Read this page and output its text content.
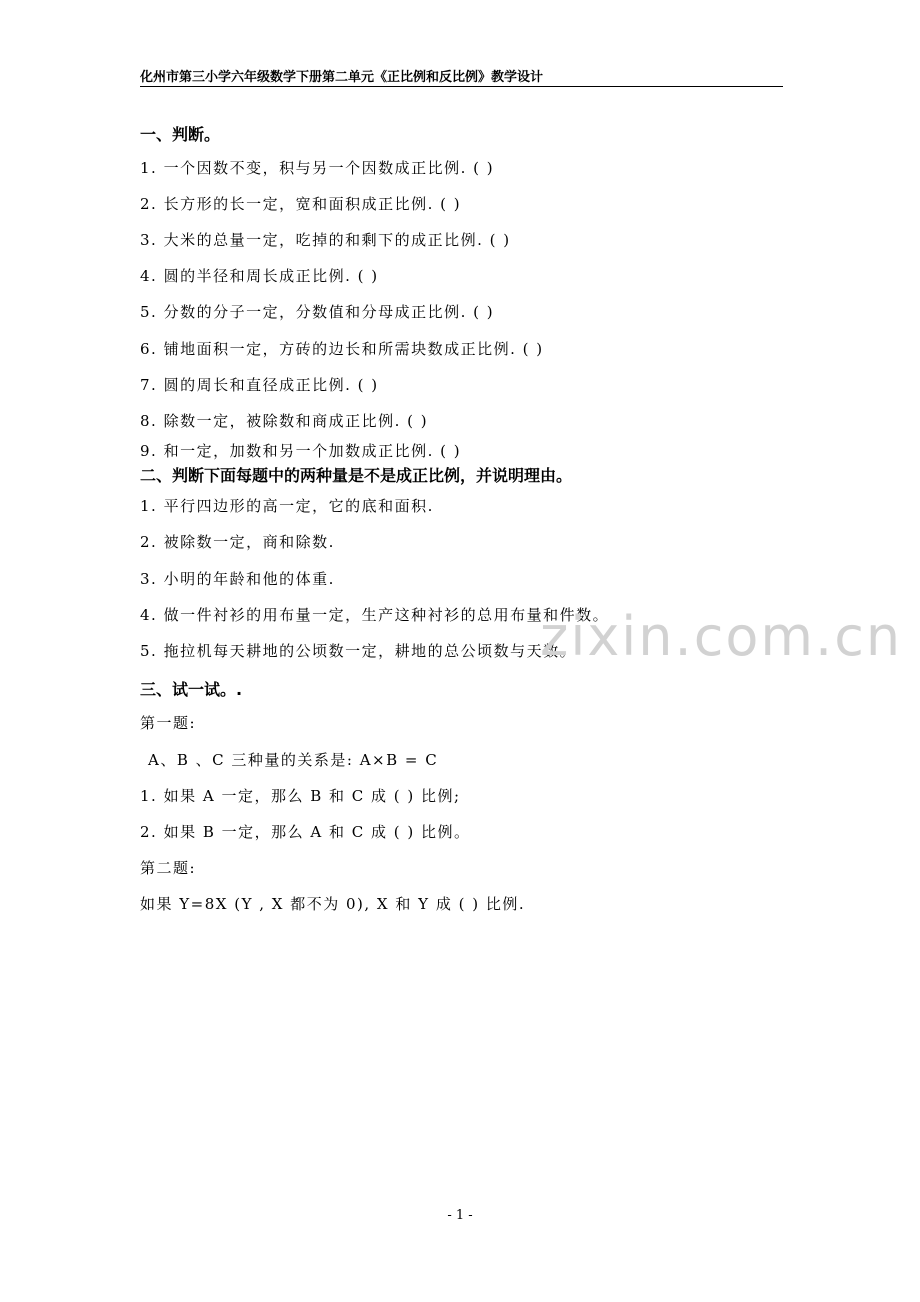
化州市第三小学六年级数学下册第二单元《正比例和反比例》教学设计
一、判断。
1. 一个因数不变，积与另一个因数成正比例. ( )
2. 长方形的长一定，宽和面积成正比例. ( )
3. 大米的总量一定，吃掉的和剩下的成正比例. ( )
4. 圆的半径和周长成正比例. ( )
5. 分数的分子一定，分数值和分母成正比例. ( )
6. 铺地面积一定，方砖的边长和所需块数成正比例. ( )
7. 圆的周长和直径成正比例. ( )
8. 除数一定，被除数和商成正比例. ( )
9. 和一定，加数和另一个加数成正比例. ( )
二、判断下面每题中的两种量是不是成正比例，并说明理由。
1. 平行四边形的高一定，它的底和面积.
2. 被除数一定，商和除数.
3. 小明的年龄和他的体重.
4. 做一件衬衫的用布量一定，生产这种衬衫的总用布量和件数。
5. 拖拉机每天耕地的公顷数一定，耕地的总公顷数与天数。
三、试一试。.
第一题:
A、B 、C 三种量的关系是: A×B = C
1. 如果 A 一定，那么 B 和 C 成 ( ) 比例;
2. 如果 B 一定，那么 A 和 C 成 ( ) 比例。
第二题:
如果 Y=8X (Y , X 都不为 0), X 和 Y 成 ( ) 比例.
zixin.com.cn
- 1 -
